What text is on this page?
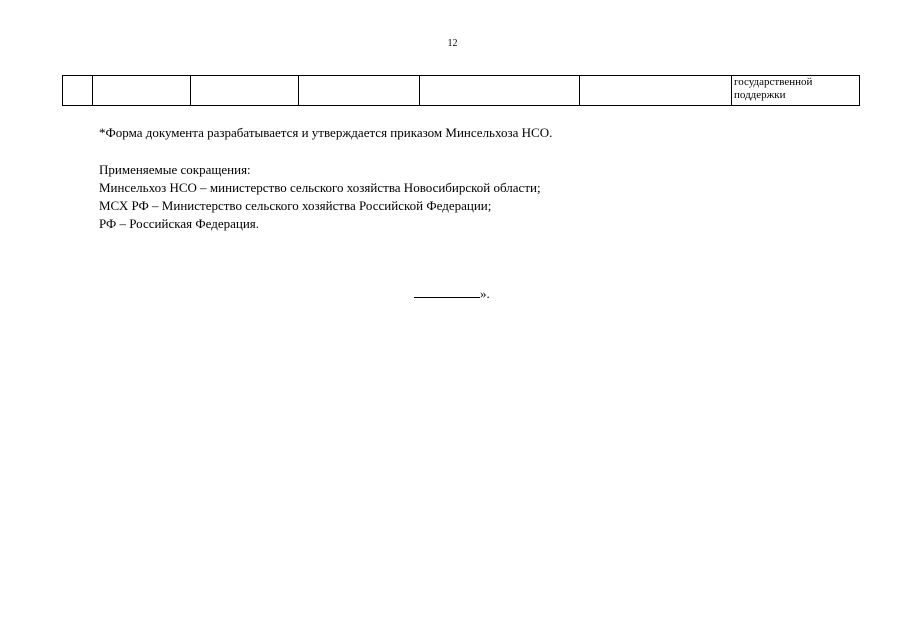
12

государственной
поддержки
*Форма документа разрабатывается и утверждается приказом Минсельхоза НСО.
Применяемые сокращения:
Минсельхоз НСО – министерство сельского хозяйства Новосибирской области;
МСХ РФ – Министерство сельского хозяйства Российской Федерации;
РФ – Российская Федерация.
».
